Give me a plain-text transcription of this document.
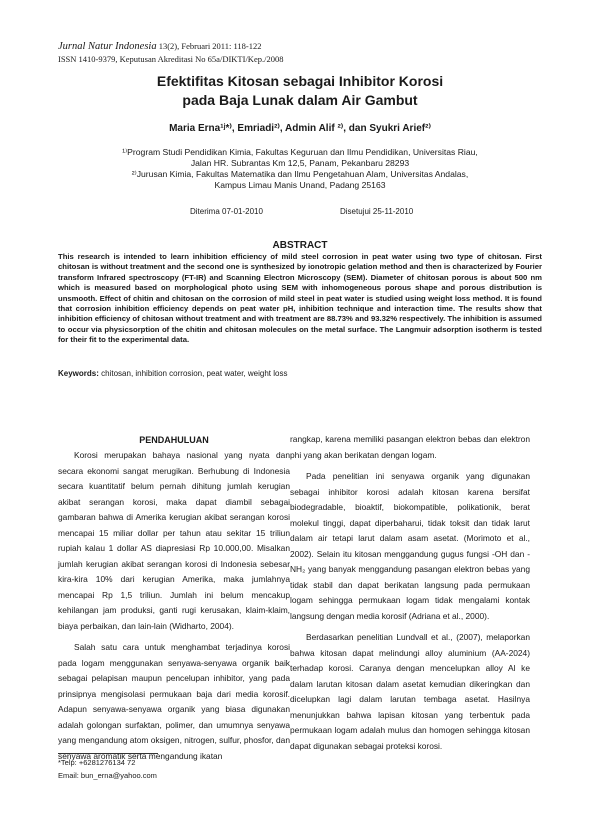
Jurnal Natur Indonesia 13(2), Februari 2011: 118-122
ISSN 1410-9379, Keputusan Akreditasi No 65a/DIKTI/Kep./2008
Efektifitas Kitosan sebagai Inhibitor Korosi
pada Baja Lunak dalam Air Gambut
Maria Erna¹ʲ*⁾, Emriadi²⁾, Admin Alif ²⁾, dan Syukri Arief²⁾
¹⁾Program Studi Pendidikan Kimia, Fakultas Keguruan dan Ilmu Pendidikan, Universitas Riau,
Jalan HR. Subrantas Km 12,5, Panam, Pekanbaru 28293
²⁾Jurusan Kimia, Fakultas Matematika dan Ilmu Pengetahuan Alam, Universitas Andalas,
Kampus Limau Manis Unand, Padang 25163
Diterima 07-01-2010	Disetujui 25-11-2010
ABSTRACT
This research is intended to learn inhibition efficiency of mild steel corrosion in peat water using two type of chitosan. First chitosan is without treatment and the second one is synthesized by ionotropic gelation method and then is characterized by Fourier transform Infrared spectroscopy (FT-IR) and Scanning Electron Microscopy (SEM). Diameter of chitosan porous is about 500 nm which is measured based on morphological photo using SEM with inhomogeneous porous shape and porous distribution is unsmooth. Effect of chitin and chitosan on the corrosion of mild steel in peat water is studied using weight loss method. It is found that corrosion inhibition efficiency depends on peat water pH, inhibition technique and interaction time. The results show that inhibition efficiency of chitosan without treatment and with treatment are 88.73% and 93.32% respectively. The inhibition is assumed to occur via physicsorption of the chitin and chitosan molecules on the metal surface. The Langmuir adsorption isotherm is tested for their fit to the experimental data.
Keywords: chitosan, inhibition corrosion, peat water, weight loss
PENDAHULUAN

Korosi merupakan bahaya nasional yang nyata dan secara ekonomi sangat merugikan. Berhubung di Indonesia secara kuantitatif belum pernah dihitung jumlah kerugian akibat serangan korosi, maka dapat diambil sebagai gambaran bahwa di Amerika kerugian akibat serangan korosi mencapai 15 miliar dollar per tahun atau sekitar 15 triliun rupiah kalau 1 dollar AS diapresiasi Rp 10.000,00. Misalkan jumlah kerugian akibat serangan korosi di Indonesia sebesar kira-kira 10% dari kerugian Amerika, maka jumlahnya mencapai Rp 1,5 triliun. Jumlah ini belum mencakup kehilangan jam produksi, ganti rugi kerusakan, klaim-klaim, biaya perbaikan, dan lain-lain (Widharto, 2004).

Salah satu cara untuk menghambat terjadinya korosi pada logam menggunakan senyawa-senyawa organik baik sebagai pelapisan maupun pencelupan inhibitor, yang pada prinsipnya mengisolasi permukaan baja dari media korosif. Adapun senyawa-senyawa organik yang biasa digunakan adalah golongan surfaktan, polimer, dan umumnya senyawa yang mengandung atom oksigen, nitrogen, sulfur, phosfor, dan senyawa aromatik serta mengandung ikatan

rangkap, karena memiliki pasangan elektron bebas dan elektron phi yang akan berikatan dengan logam.

Pada penelitian ini senyawa organik yang digunakan sebagai inhibitor korosi adalah kitosan karena bersifat biodegradable, bioaktif, biokompatible, polikationik, berat molekul tinggi, dapat diperbaharui, tidak toksit dan tidak larut dalam air tetapi larut dalam asam asetat. (Morimoto et al., 2002). Selain itu kitosan menggandung gugus fungsi -OH dan -NH₂ yang banyak menggandung pasangan elektron bebas yang tidak stabil dan dapat berikatan langsung pada permukaan logam sehingga permukaan logam tidak mengalami kontak langsung dengan media korosif (Adriana et al., 2000).

Berdasarkan penelitian Lundvall et al., (2007), melaporkan bahwa kitosan dapat melindungi alloy aluminium (AA-2024) terhadap korosi. Caranya dengan mencelupkan alloy Al ke dalam larutan kitosan dalam asetat kemudian dikeringkan dan dicelupkan lagi dalam larutan tembaga asetat. Hasilnya menunjukkan bahwa lapisan kitosan yang terbentuk pada permukaan logam adalah mulus dan homogen sehingga kitosan dapat digunakan sebagai proteksi korosi.

*Telp: +6281276134 72
Email: bun_erna@yahoo.com
